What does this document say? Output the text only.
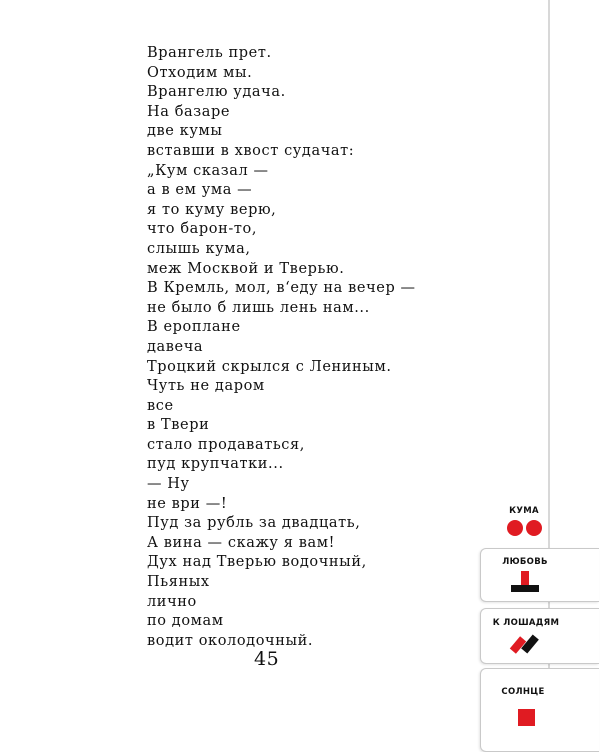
Врангель прет.
Отходим мы.
Врангелю удача.
На базаре
две кумы
вставши в хвост судачат:
„Кум сказал —
а в ем ума —
я то куму верю,
что барон-то,
слышь кума,
меж Москвой и Тверью.
В Кремль, мол, в‘еду на вечер —
не было б лишь лень нам...
В ероплане
давеча
Троцкий скрылся с Лениным.
Чуть не даром
все
в Твери
стало продаваться,
пуд крупчатки...
— Ну
не ври —!
Пуд за рубль за двадцать,
А вина — скажу я вам!
Дух над Тверью водочный,
Пьяных
лично
по домам
водит околодочный.
45
КУМА
ЛЮБОВЬ
К ЛОШАДЯМ
СОЛНЦЕ
